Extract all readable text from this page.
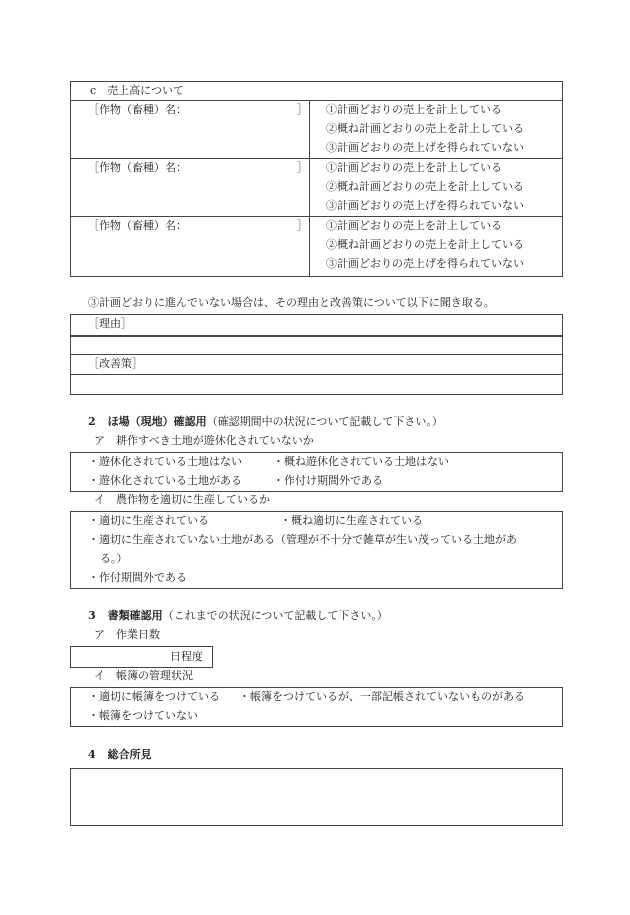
c　売上高について
［作物（畜種）名：	］ ①計画どおりの売上を計上している
②概ね計画どおりの売上を計上している
③計画どおりの売上げを得られていない
［作物（畜種）名：	］ ①計画どおりの売上を計上している
②概ね計画どおりの売上を計上している
③計画どおりの売上げを得られていない
［作物（畜種）名：	］ ①計画どおりの売上を計上している
②概ね計画どおりの売上を計上している
③計画どおりの売上げを得られていない
③計画どおりに進んでいない場合は、その理由と改善策について以下に聞き取る。
［理由］
［改善策］
2 ほ場（現地）確認用（確認期間中の状況について記載して下さい。）
ア　耕作すべき土地が遊休化されていないか
・遊休化されている土地はない	・概ね遊休化されている土地はない
・遊休化されている土地がある	・作付け期間外である
イ　農作物を適切に生産しているか
・適切に生産されている	・概ね適切に生産されている
・適切に生産されていない土地がある（管理が不十分で雑草が生い茂っている土地があ
る。）
・作付期間外である
3 書類確認用（これまでの状況について記載して下さい。）
ア　作業日数
日程度
イ　帳簿の管理状況
・適切に帳簿をつけている ・帳簿をつけているが、一部記帳されていないものがある
・帳簿をつけていない
4 総合所見
